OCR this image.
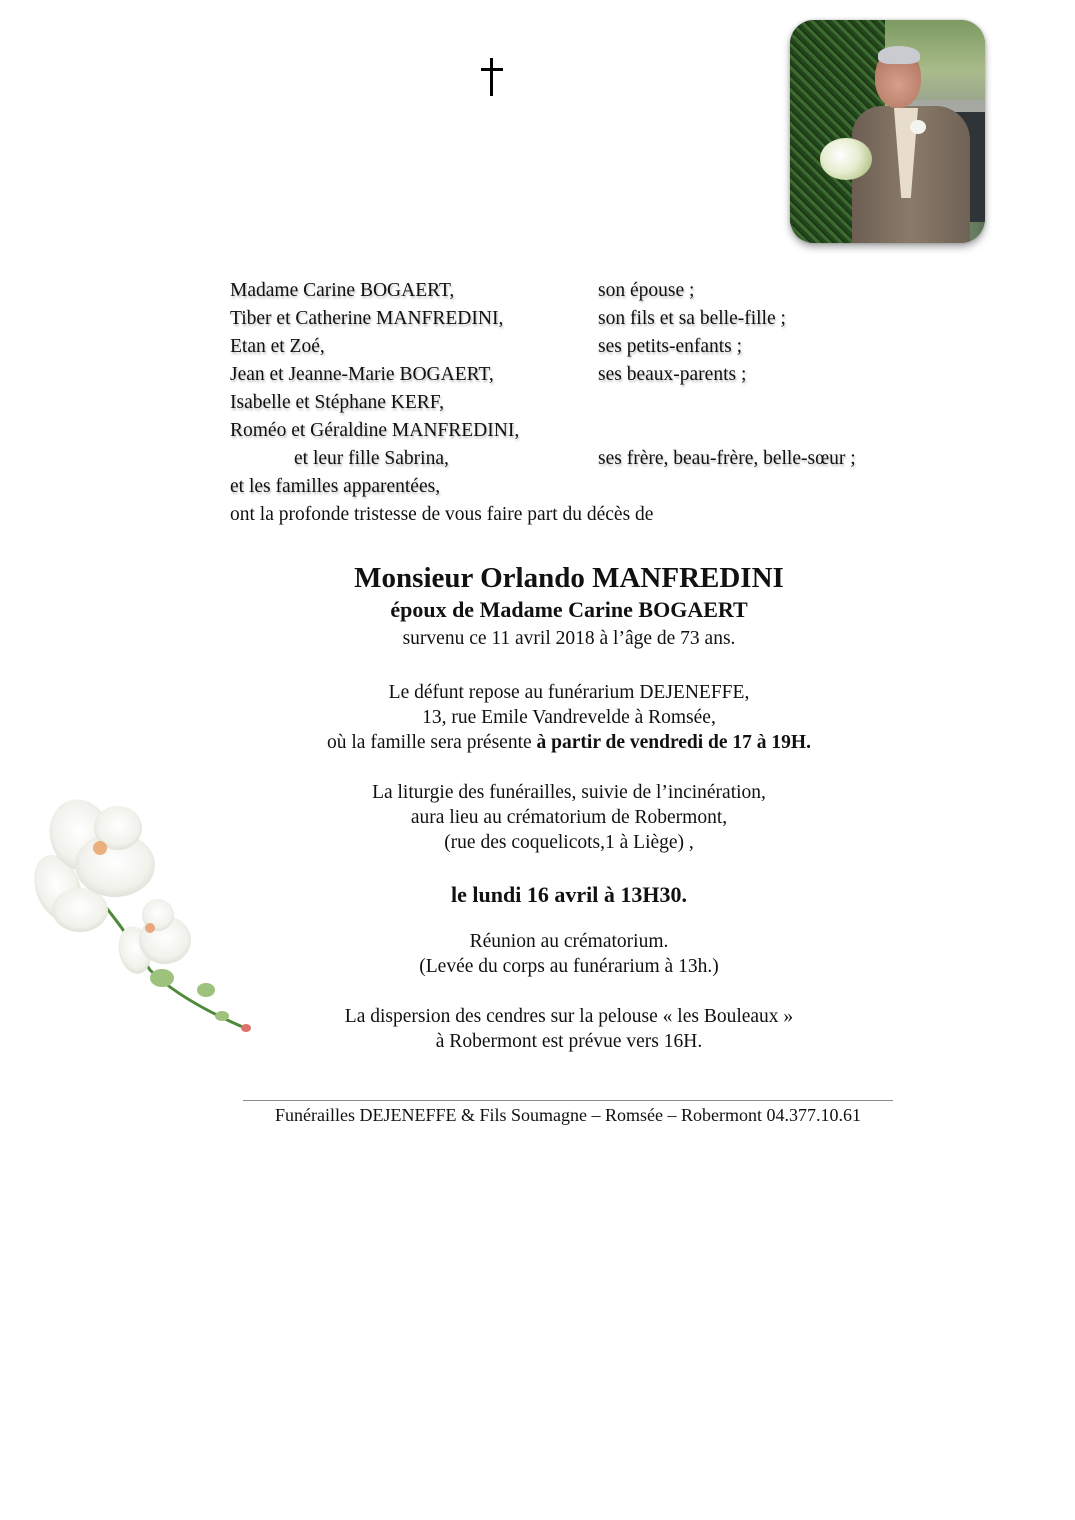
Madame Carine BOGAERT,	son épouse ;
Tiber et Catherine MANFREDINI,	son fils et sa belle-fille ;
Etan et Zoé,	ses petits-enfants ;
Jean et Jeanne-Marie BOGAERT,	ses beaux-parents ;
Isabelle et Stéphane KERF,
Roméo et Géraldine MANFREDINI,
et leur fille Sabrina,	ses frère, beau-frère, belle-sœur ;
et les familles apparentées,
ont la profonde tristesse de vous faire part du décès de
Monsieur Orlando MANFREDINI
époux de Madame Carine BOGAERT
survenu ce 11 avril 2018 à l’âge de 73 ans.
Le défunt repose au funérarium DEJENEFFE,
13, rue Emile Vandrevelde à Romsée,
où la famille sera présente à partir de vendredi de 17 à 19H.
La liturgie des funérailles, suivie de l’incinération,
aura lieu au crématorium de Robermont,
(rue des coquelicots,1 à Liège) ,
le lundi 16 avril à 13H30.
Réunion au crématorium.
(Levée du corps au funérarium à 13h.)
La dispersion des cendres sur la pelouse « les Bouleaux »
à Robermont est prévue vers 16H.
Funérailles DEJENEFFE & Fils Soumagne – Romsée – Robermont 04.377.10.61
